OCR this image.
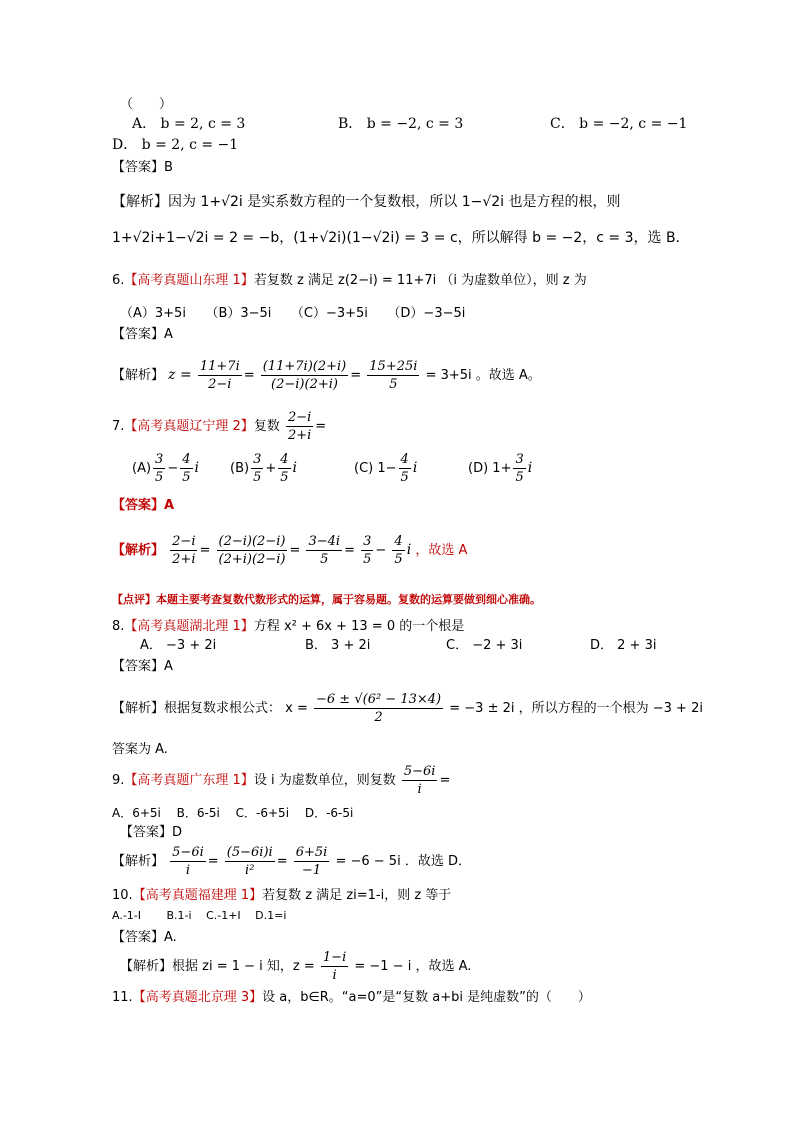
（　　）
A． b = 2, c = 3	B． b = −2, c = 3	C． b = −2, c = −1
D． b = 2, c = −1
【答案】B
【解析】因为 1+√2i 是实系数方程的一个复数根，所以 1−√2i 也是方程的根，则
1+√2i+1−√2i = 2 = −b，(1+√2i)(1−√2i) = 3 = c，所以解得 b = −2，c = 3，选 B.
6.【高考真题山东理 1】若复数 z 满足 z(2−i) = 11+7i （i 为虚数单位），则 z 为
（A）3+5i　　（B）3−5i　　（C）−3+5i　　（D）−3−5i
【答案】A
【解析】 $z = \frac{11+7i}{2-i} = \frac{(11+7i)(2+i)}{(2-i)(2+i)} = \frac{15+25i}{5} = 3+5i$ 。故选 A。
7.【高考真题辽宁理 2】复数 $\frac{2-i}{2+i}$ =
$(A) \frac{3}{5} - \frac{4}{5}$ i $(B) \frac{3}{5} + \frac{4}{5}$ i	(C) $1- \frac{4}{5}$ i	(D) $1+ \frac{3}{5}$ i
【答案】A
【解析】 $\frac{2-i}{2+i} = \frac{(2-i)(2-i)}{(2+i)(2-i)} = \frac{3-4i}{5} = \frac{3}{5} - \frac{4}{5}$ i ，故选 A
【点评】本题主要考查复数代数形式的运算，属于容易题。复数的运算要做到细心准确。
8.【高考真题湖北理 1】方程 x² + 6x + 13 = 0 的一个根是
A． −3 + 2i	B． 3 + 2i	C． −2 + 3i	D． 2 + 3i
【答案】A
【解析】根据复数求根公式： $x = \frac{\text{−6 ± √(6² − 13×4)}}{2} = -3 \pm 2i$ ，所以方程的一个根为 −3 + 2i
答案为 A.
9.【高考真题广东理 1】设 i 为虚数单位，则复数 $\frac{5-6i}{i}$ =
A．6+5i　 B．6-5i　 C．-6+5i　 D．-6-5i
【答案】D
【解析】 $\frac{5-6i}{i} = \frac{(5-6i)i}{\text{i²}} = \frac{6+5i}{-1} = -6 - 5i$ ．故选 D．
10.【高考真题福建理 1】若复数 z 满足 zi=1-i，则 z 等于
A.-1-I　　 B.1-i　 C.-1+I　 D.1=i
【答案】A.
【解析】根据 zi = 1 − i 知，$z = \frac{1-i}{i} = -1 - i$ ，故选 A.
11.【高考真题北京理 3】设 a，b∈R。“a=0”是“复数 a+bi 是纯虚数”的（　　）
